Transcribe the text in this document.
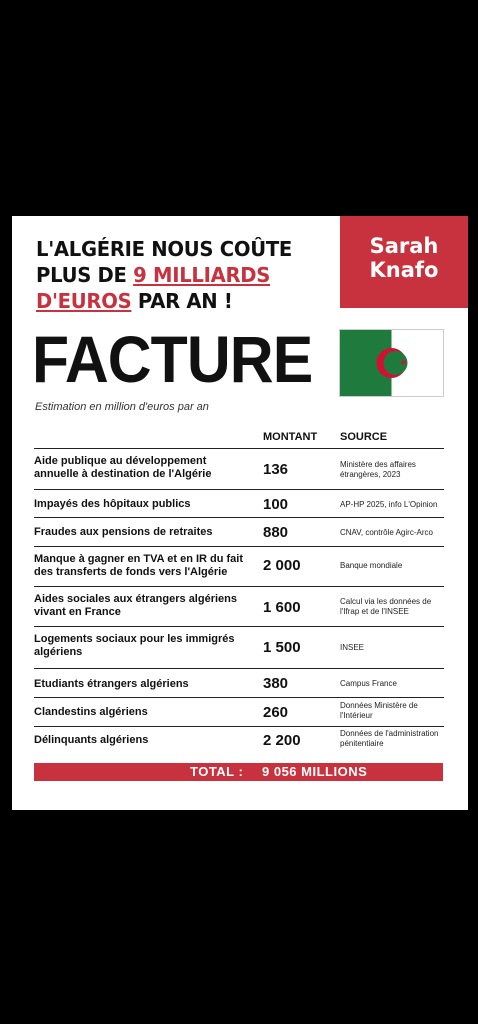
L'ALGÉRIE NOUS COÛTE PLUS DE 9 MILLIARDS D'EUROS PAR AN !
Sarah
Knafo
FACTURE
Estimation en million d'euros par an
MONTANT SOURCE
Aide publique au développement annuelle à destination de l'Algérie	136	Ministère des affaires étrangères, 2023
Impayés des hôpitaux publics	100	AP-HP 2025, info L'Opinion
Fraudes aux pensions de retraites	880	CNAV, contrôle Agirc-Arco
Manque à gagner en TVA et en IR du fait des transferts de fonds vers l'Algérie	2 000	Banque mondiale
Aides sociales aux étrangers algériens vivant en France	1 600	Calcul via les données de l'Ifrap et de l'INSEE
Logements sociaux pour les immigrés algériens	1 500	INSEE
Etudiants étrangers algériens	380	Campus France
Clandestins algériens	260	Données Ministère de l'Intérieur
Délinquants algériens	2 200	Données de l'administration pénitentiaire
TOTAL : 9 056 MILLIONS
